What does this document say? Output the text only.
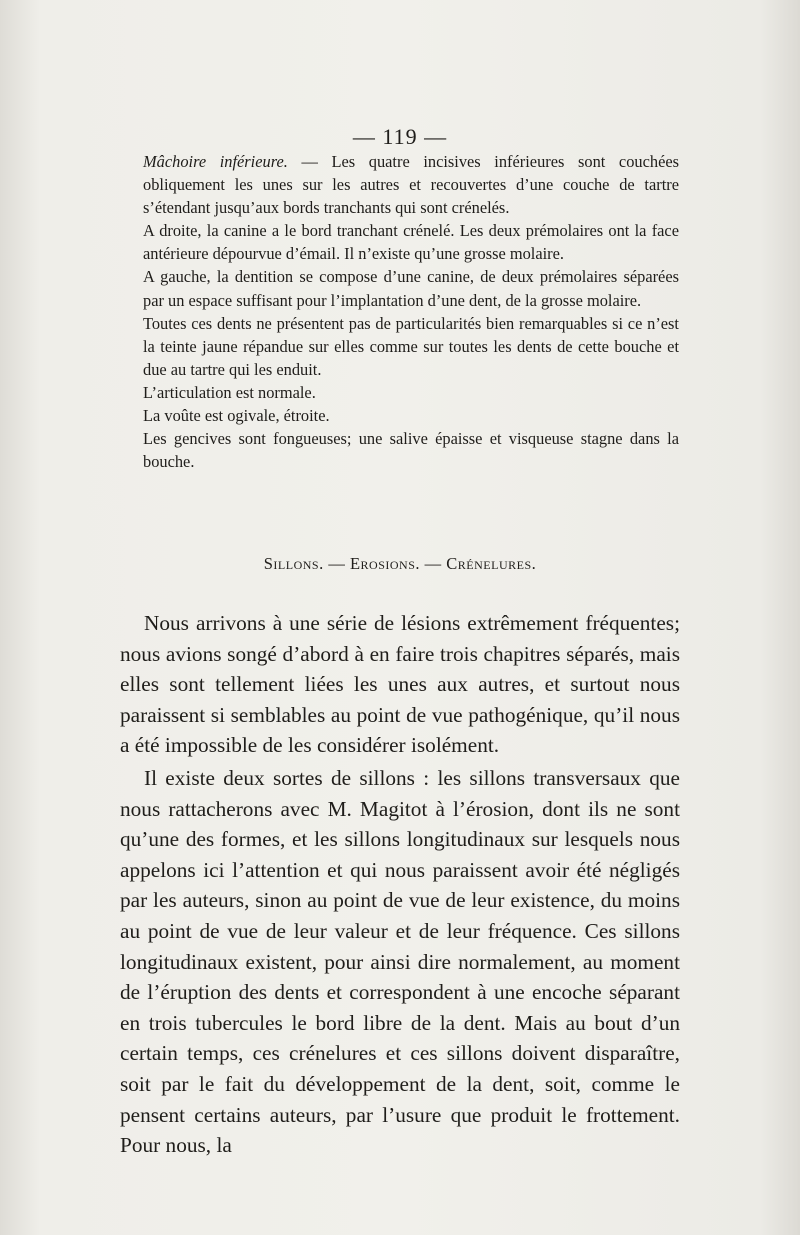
— 119 —

Mâchoire inférieure. — Les quatre incisives inférieures sont couchées obliquement les unes sur les autres et recouvertes d’une couche de tartre s’étendant jusqu’aux bords tranchants qui sont crénelés.

A droite, la canine a le bord tranchant crénelé. Les deux prémolaires ont la face antérieure dépourvue d’émail. Il n’existe qu’une grosse molaire.

A gauche, la dentition se compose d’une canine, de deux prémolaires séparées par un espace suffisant pour l’implantation d’une dent, de la grosse molaire.

Toutes ces dents ne présentent pas de particularités bien remarquables si ce n’est la teinte jaune répandue sur elles comme sur toutes les dents de cette bouche et due au tartre qui les enduit.

L’articulation est normale.

La voûte est ogivale, étroite.

Les gencives sont fongueuses; une salive épaisse et visqueuse stagne dans la bouche.

Sillons. — Erosions. — Crénelures.

Nous arrivons à une série de lésions extrêmement fréquentes; nous avions songé d’abord à en faire trois chapitres séparés, mais elles sont tellement liées les unes aux autres, et surtout nous paraissent si semblables au point de vue pathogénique, qu’il nous a été impossible de les considérer isolément.

Il existe deux sortes de sillons : les sillons transversaux que nous rattacherons avec M. Magitot à l’érosion, dont ils ne sont qu’une des formes, et les sillons longitudinaux sur lesquels nous appelons ici l’attention et qui nous paraissent avoir été négligés par les auteurs, sinon au point de vue de leur existence, du moins au point de vue de leur valeur et de leur fréquence. Ces sillons longitudinaux existent, pour ainsi dire normalement, au moment de l’éruption des dents et correspondent à une encoche séparant en trois tubercules le bord libre de la dent. Mais au bout d’un certain temps, ces crénelures et ces sillons doivent disparaître, soit par le fait du développement de la dent, soit, comme le pensent certains auteurs, par l’usure que produit le frottement. Pour nous, la
